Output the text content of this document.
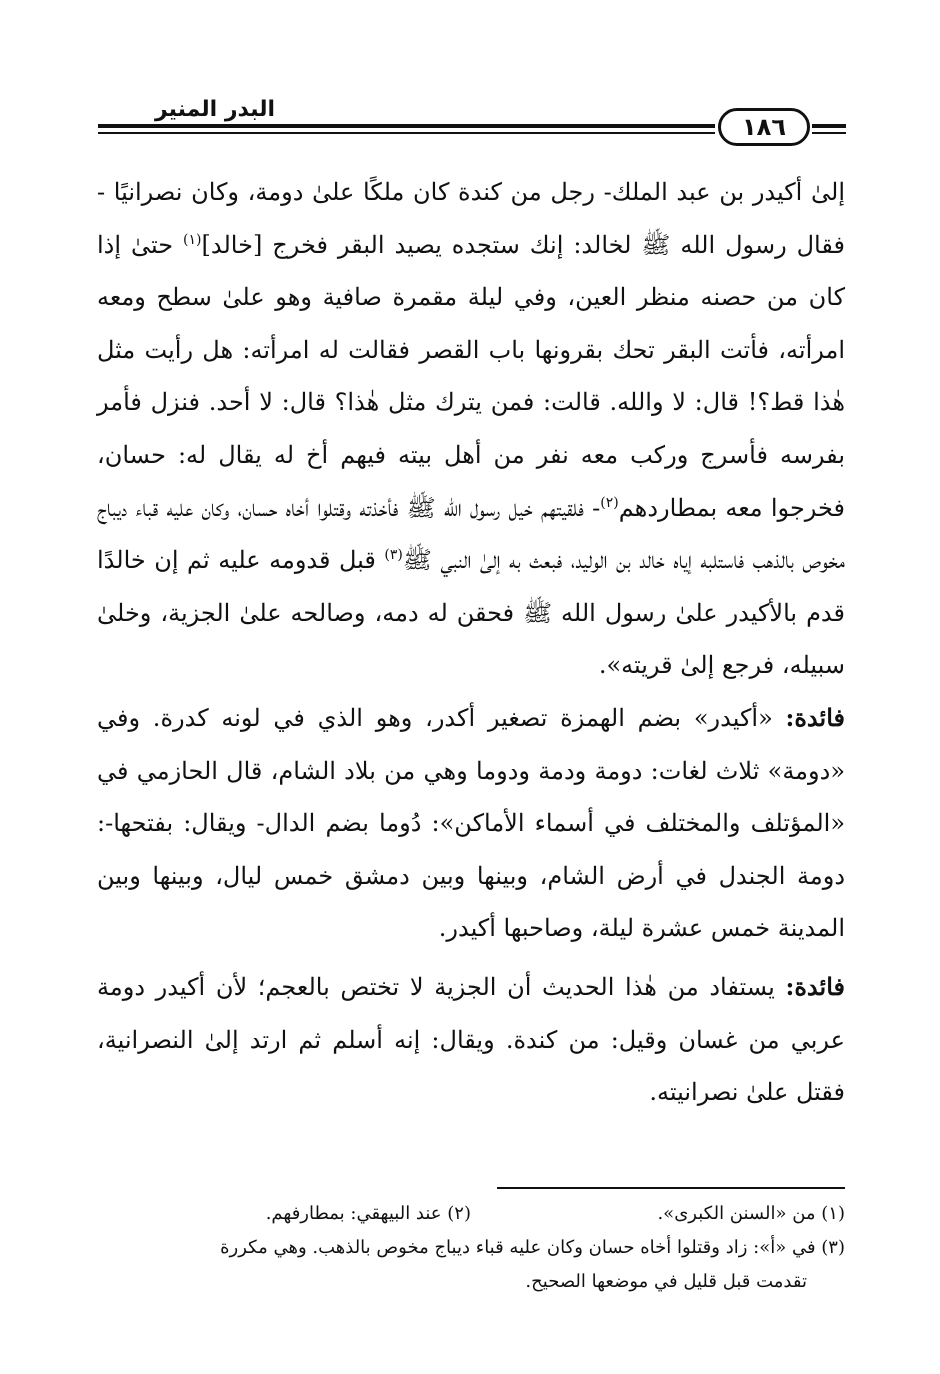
البدر المنير
١٨٦

إلىٰ أكيدر بن عبد الملك- رجل من كندة كان ملكًا علىٰ دومة، وكان نصرانيًا - فقال رسول الله ﷺ لخالد: إنك ستجده يصيد البقر فخرج [خالد]$^{(١)}$ حتىٰ إذا كان من حصنه منظر العين، وفي ليلة مقمرة صافية وهو علىٰ سطح ومعه امرأته، فأتت البقر تحك بقرونها باب القصر فقالت له امرأته: هل رأيت مثل هٰذا قط؟! قال: لا والله. قالت: فمن يترك مثل هٰذا؟ قال: لا أحد. فنزل فأمر بفرسه فأسرج وركب معه نفر من أهل بيته فيهم أخ له يقال له: حسان، فخرجوا معه بمطاردهم$^{(٢)}$- فلقيتهم خيل رسول الله ﷺ فأخذته وقتلوا أخاه حسان، وكان عليه قباء ديباج مخوص بالذهب فاستلبه إياه خالد بن الوليد، فبعث به إلىٰ النبي ﷺ$^{(٣)}$ قبل قدومه عليه ثم إن خالدًا قدم بالأكيدر علىٰ رسول الله ﷺ فحقن له دمه، وصالحه علىٰ الجزية، وخلىٰ سبيله، فرجع إلىٰ قريته».

فائدة: «أكيدر» بضم الهمزة تصغير أكدر، وهو الذي في لونه كدرة. وفي «دومة» ثلاث لغات: دومة ودمة ودوما وهي من بلاد الشام، قال الحازمي في «المؤتلف والمختلف في أسماء الأماكن»: دُوما بضم الدال- ويقال: بفتحها-: دومة الجندل في أرض الشام، وبينها وبين دمشق خمس ليال، وبينها وبين المدينة خمس عشرة ليلة، وصاحبها أكيدر.

فائدة: يستفاد من هٰذا الحديث أن الجزية لا تختص بالعجم؛ لأن أكيدر دومة عربي من غسان وقيل: من كندة. ويقال: إنه أسلم ثم ارتد إلىٰ النصرانية، فقتل علىٰ نصرانيته.

(١) من «السنن الكبرى».
(٢) عند البيهقي: بمطارفهم.
(٣) في «أ»: زاد وقتلوا أخاه حسان وكان عليه قباء ديباج مخوص بالذهب. وهي مكررة
تقدمت قبل قليل في موضعها الصحيح.
